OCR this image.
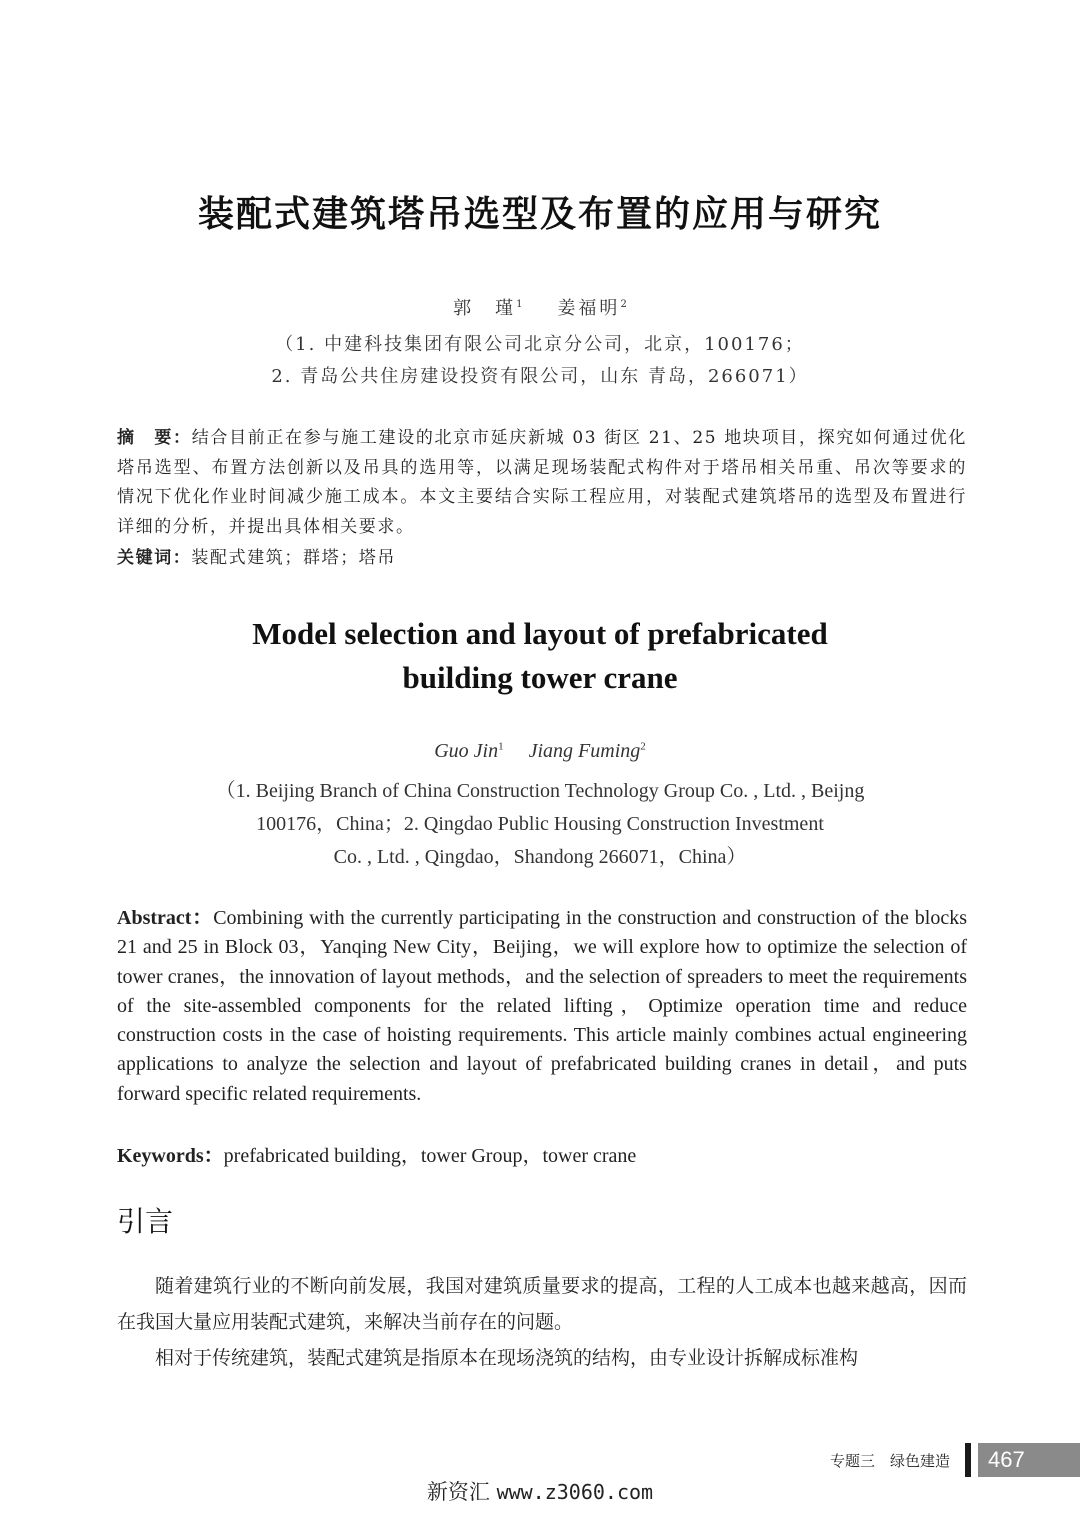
装配式建筑塔吊选型及布置的应用与研究
郭　瑾$^1$ 姜福明$^2$
（1. 中建科技集团有限公司北京分公司，北京，100176；
2. 青岛公共住房建设投资有限公司，山东 青岛，266071）
摘　要：结合目前正在参与施工建设的北京市延庆新城 03 街区 21、25 地块项目，探究如何通过优化塔吊选型、布置方法创新以及吊具的选用等，以满足现场装配式构件对于塔吊相关吊重、吊次等要求的情况下优化作业时间减少施工成本。本文主要结合实际工程应用，对装配式建筑塔吊的选型及布置进行详细的分析，并提出具体相关要求。
关键词：装配式建筑；群塔；塔吊
Model selection and layout of prefabricated
building tower crane
Guo Jin$^1$ Jiang Fuming$^2$
（1. Beijing Branch of China Construction Technology Group Co. , Ltd. , Beijng
100176，China；2. Qingdao Public Housing Construction Investment
Co. , Ltd. , Qingdao，Shandong 266071，China）
Abstract：Combining with the currently participating in the construction and construction of the blocks 21 and 25 in Block 03，Yanqing New City，Beijing，we will explore how to optimize the selection of tower cranes，the innovation of layout methods，and the selection of spreaders to meet the requirements of the site-assembled components for the related lifting，Optimize operation time and reduce construction costs in the case of hoisting requirements. This article mainly combines actual engineering applications to analyze the selection and layout of prefabricated building cranes in detail，and puts forward specific related requirements.
Keywords：prefabricated building，tower Group，tower crane
引言

随着建筑行业的不断向前发展，我国对建筑质量要求的提高，工程的人工成本也越来越高，因而在我国大量应用装配式建筑，来解决当前存在的问题。

相对于传统建筑，装配式建筑是指原本在现场浇筑的结构，由专业设计拆解成标准构

专题三　绿色建造	467
新资汇 www.z3060.com
